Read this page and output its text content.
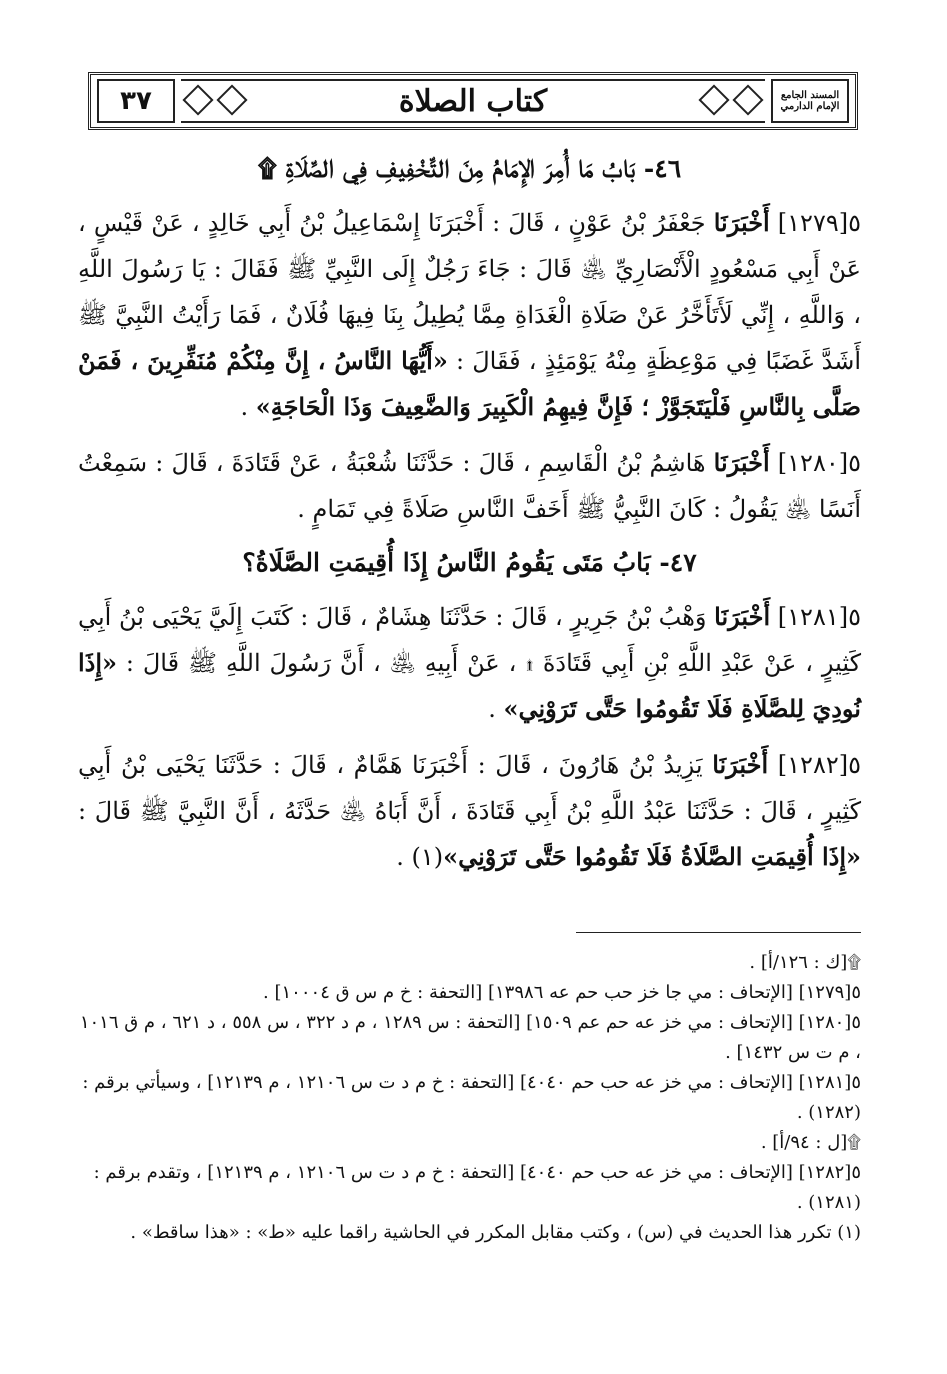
المسند الجامع الإمام الدارمي
كتاب الصلاة
٣٧
٤٦- بَابُ مَا أُمِرَ الإِمَامُ مِنَ التَّخْفِيفِ فِي الصَّلَاةِ ۩

٥[١٢٧٩] أَخْبَرَنَا جَعْفَرُ بْنُ عَوْنٍ ، قَالَ : أَخْبَرَنَا إِسْمَاعِيلُ بْنُ أَبِي خَالِدٍ ، عَنْ قَيْسٍ ، عَنْ أَبِي مَسْعُودٍ الْأَنْصَارِيِّ ﵁ قَالَ : جَاءَ رَجُلٌ إِلَى النَّبِيِّ ﷺ فَقَالَ : يَا رَسُولَ اللَّهِ ، وَاللَّهِ ، إِنِّي لَأَتَأَخَّرُ عَنْ صَلَاةِ الْغَدَاةِ مِمَّا يُطِيلُ بِنَا فِيهَا فُلَانٌ ، فَمَا رَأَيْتُ النَّبِيَّ ﷺ أَشَدَّ غَضَبًا فِي مَوْعِظَةٍ مِنْهُ يَوْمَئِذٍ ، فَقَالَ : «أَيُّهَا النَّاسُ ، إِنَّ مِنْكُمْ مُنَفِّرِينَ ، فَمَنْ صَلَّى بِالنَّاسِ فَلْيَتَجَوَّزْ ؛ فَإِنَّ فِيهِمُ الْكَبِيرَ وَالضَّعِيفَ وَذَا الْحَاجَةِ» .

٥[١٢٨٠] أَخْبَرَنَا هَاشِمُ بْنُ الْقَاسِمِ ، قَالَ : حَدَّثَنَا شُعْبَةُ ، عَنْ قَتَادَةَ ، قَالَ : سَمِعْتُ أَنَسًا ﵁ يَقُولُ : كَانَ النَّبِيُّ ﷺ أَخَفَّ النَّاسِ صَلَاةً فِي تَمَامٍ .

٤٧- بَابُ مَتَى يَقُومُ النَّاسُ إِذَا أُقِيمَتِ الصَّلَاةُ؟

٥[١٢٨١] أَخْبَرَنَا وَهْبُ بْنُ جَرِيرٍ ، قَالَ : حَدَّثَنَا هِشَامٌ ، قَالَ : كَتَبَ إِلَيَّ يَحْيَى بْنُ أَبِي كَثِيرٍ ، عَنْ عَبْدِ اللَّهِ بْنِ أَبِي قَتَادَةَ ۩ ، عَنْ أَبِيهِ ﵁ ، أَنَّ رَسُولَ اللَّهِ ﷺ قَالَ : «إِذَا نُودِيَ لِلصَّلَاةِ فَلَا تَقُومُوا حَتَّى تَرَوْنِي» .

٥[١٢٨٢] أَخْبَرَنَا يَزِيدُ بْنُ هَارُونَ ، قَالَ : أَخْبَرَنَا هَمَّامٌ ، قَالَ : حَدَّثَنَا يَحْيَى بْنُ أَبِي كَثِيرٍ ، قَالَ : حَدَّثَنَا عَبْدُ اللَّهِ بْنُ أَبِي قَتَادَةَ ، أَنَّ أَبَاهُ ﵁ حَدَّثَهُ ، أَنَّ النَّبِيَّ ﷺ قَالَ : «إِذَا أُقِيمَتِ الصَّلَاةُ فَلَا تَقُومُوا حَتَّى تَرَوْنِي»(١) .

۩[ك : ١٢٦/أ] .

٥[١٢٧٩] [الإتحاف : مي جا خز حب حم عه ١٣٩٨٦] [التحفة : خ م س ق ١٠٠٠٤] .

٥[١٢٨٠] [الإتحاف : مي خز عه حم عم ١٥٠٩] [التحفة : س ١٢٨٩ ، م د ٣٢٢ ، س ٥٥٨ ، د ٦٢١ ، م ق ١٠١٦ ، م ت س ١٤٣٢] .

٥[١٢٨١] [الإتحاف : مي خز عه حب حم ٤٠٤٠] [التحفة : خ م د ت س ١٢١٠٦ ، م ١٢١٣٩] ، وسيأتي برقم : (١٢٨٢) .

۩[ل : ٩٤/أ] .

٥[١٢٨٢] [الإتحاف : مي خز عه حب حم ٤٠٤٠] [التحفة : خ م د ت س ١٢١٠٦ ، م ١٢١٣٩] ، وتقدم برقم : (١٢٨١) .

(١) تكرر هذا الحديث في (س) ، وكتب مقابل المكرر في الحاشية راقما عليه «ط» : «هذا ساقط» .
